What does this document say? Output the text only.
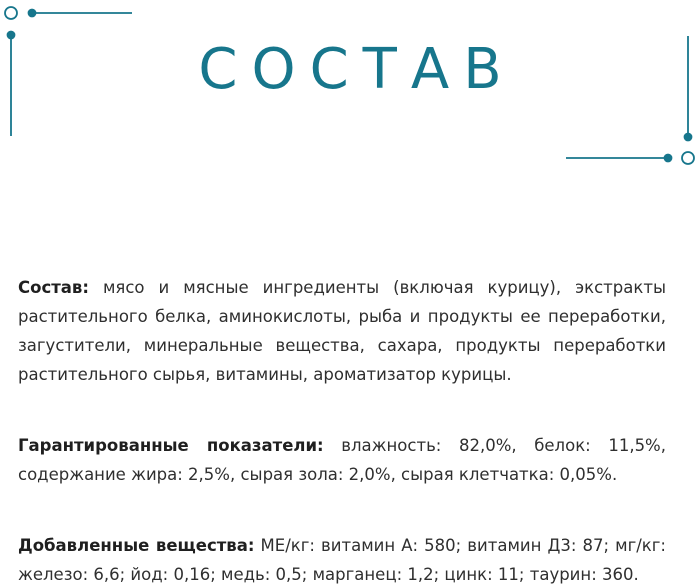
СОСТАВ
Состав: мясо и мясные ингредиенты (включая курицу), экстракты растительного белка, аминокислоты, рыба и продукты ее переработки, загустители, минеральные вещества, сахара, продукты переработки растительного сырья, витамины, ароматизатор курицы.
Гарантированные показатели: влажность: 82,0%, белок: 11,5%, содержание жира: 2,5%, сырая зола: 2,0%, сырая клетчатка: 0,05%.
Добавленные вещества: МЕ/кг: витамин А: 580; витамин Д3: 87; мг/кг: железо: 6,6; йод: 0,16; медь: 0,5; марганец: 1,2; цинк: 11; таурин: 360.
